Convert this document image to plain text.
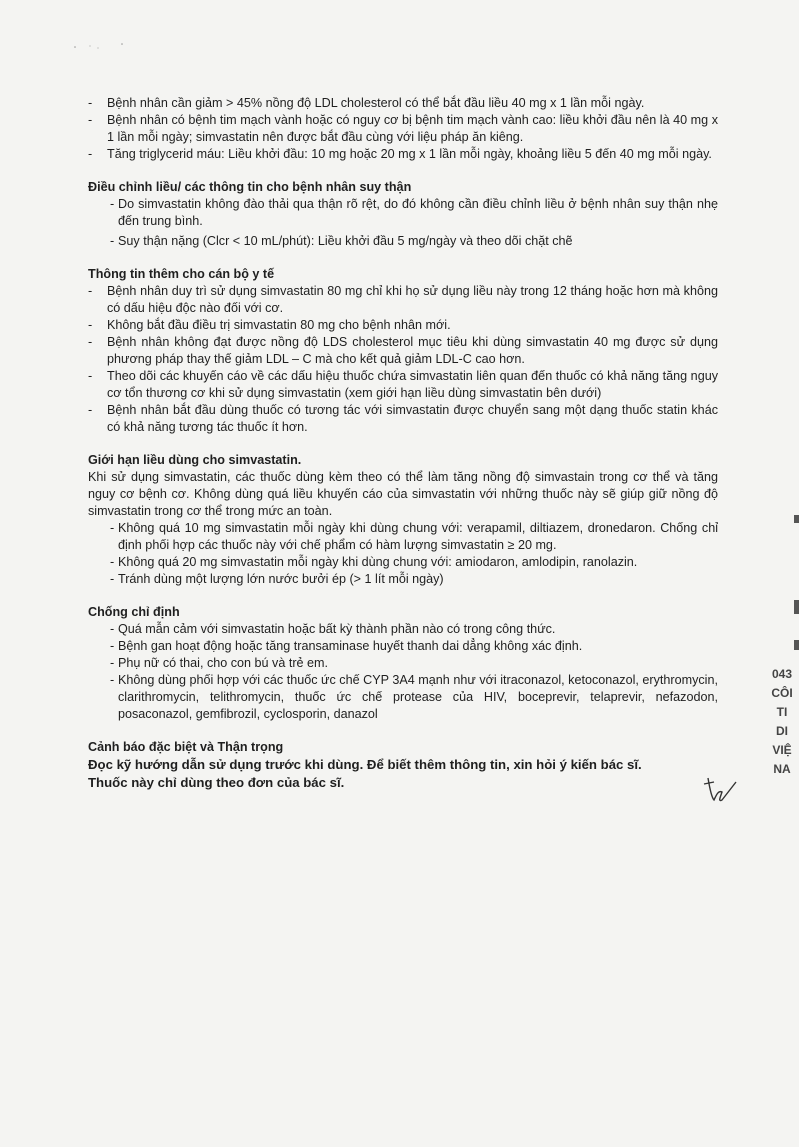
- Bệnh nhân cần giảm > 45% nồng độ LDL cholesterol có thể bắt đầu liều 40 mg x 1 lần mỗi ngày.
- Bệnh nhân có bệnh tim mạch vành hoặc có nguy cơ bị bệnh tim mạch vành cao: liều khởi đầu nên là 40 mg x 1 lần mỗi ngày; simvastatin nên được bắt đầu cùng với liệu pháp ăn kiêng.
- Tăng triglycerid máu: Liều khởi đầu: 10 mg hoặc 20 mg x 1 lần mỗi ngày, khoảng liều 5 đến 40 mg mỗi ngày.
Điều chỉnh liều/ các thông tin cho bệnh nhân suy thận
- Do simvastatin không đào thải qua thận rõ rệt, do đó không cần điều chỉnh liều ở bệnh nhân suy thận nhẹ đến trung bình.
- Suy thận nặng (Clcr < 10 mL/phút): Liều khởi đầu 5 mg/ngày và theo dõi chặt chẽ
Thông tin thêm cho cán bộ y tế
- Bệnh nhân duy trì sử dụng simvastatin 80 mg chỉ khi họ sử dụng liều này trong 12 tháng hoặc hơn mà không có dấu hiệu độc nào đối với cơ.
- Không bắt đầu điều trị simvastatin 80 mg cho bệnh nhân mới.
- Bệnh nhân không đạt được nồng độ LDS cholesterol mục tiêu khi dùng simvastatin 40 mg được sử dụng phương pháp thay thế giảm LDL – C mà cho kết quả giảm LDL-C cao hơn.
- Theo dõi các khuyến cáo về các dấu hiệu thuốc chứa simvastatin liên quan đến thuốc có khả năng tăng nguy cơ tổn thương cơ khi sử dụng simvastatin (xem giới hạn liều dùng simvastatin bên dưới)
- Bệnh nhân bắt đầu dùng thuốc có tương tác với simvastatin được chuyển sang một dạng thuốc statin khác có khả năng tương tác thuốc ít hơn.
Giới hạn liều dùng cho simvastatin.
Khi sử dụng simvastatin, các thuốc dùng kèm theo có thể làm tăng nồng độ simvastain trong cơ thể và tăng nguy cơ bệnh cơ. Không dùng quá liều khuyến cáo của simvastatin với những thuốc này sẽ giúp giữ nồng độ simvastatin trong cơ thể trong mức an toàn.
- Không quá 10 mg simvastatin mỗi ngày khi dùng chung với: verapamil, diltiazem, dronedaron. Chống chỉ định phối hợp các thuốc này với chế phẩm có hàm lượng simvastatin ≥ 20 mg.
- Không quá 20 mg simvastatin mỗi ngày khi dùng chung với: amiodaron, amlodipin, ranolazin.
- Tránh dùng một lượng lớn nước bưởi ép (> 1 lít mỗi ngày)
Chống chỉ định
- Quá mẫn cảm với simvastatin hoặc bất kỳ thành phần nào có trong công thức.
- Bệnh gan hoạt động hoặc tăng transaminase huyết thanh dai dẳng không xác định.
- Phụ nữ có thai, cho con bú và trẻ em.
- Không dùng phối hợp với các thuốc ức chế CYP 3A4 mạnh như với itraconazol, ketoconazol, erythromycin, clarithromycin, telithromycin, thuốc ức chế protease của HIV, boceprevir, telaprevir, nefazodon, posaconazol, gemfibrozil, cyclosporin, danazol
Cảnh báo đặc biệt và Thận trọng
Đọc kỹ hướng dẫn sử dụng trước khi dùng. Để biết thêm thông tin, xin hỏi ý kiến bác sĩ.
Thuốc này chỉ dùng theo đơn của bác sĩ.
043
CÔI
TI
DI
VIỆ
NA
